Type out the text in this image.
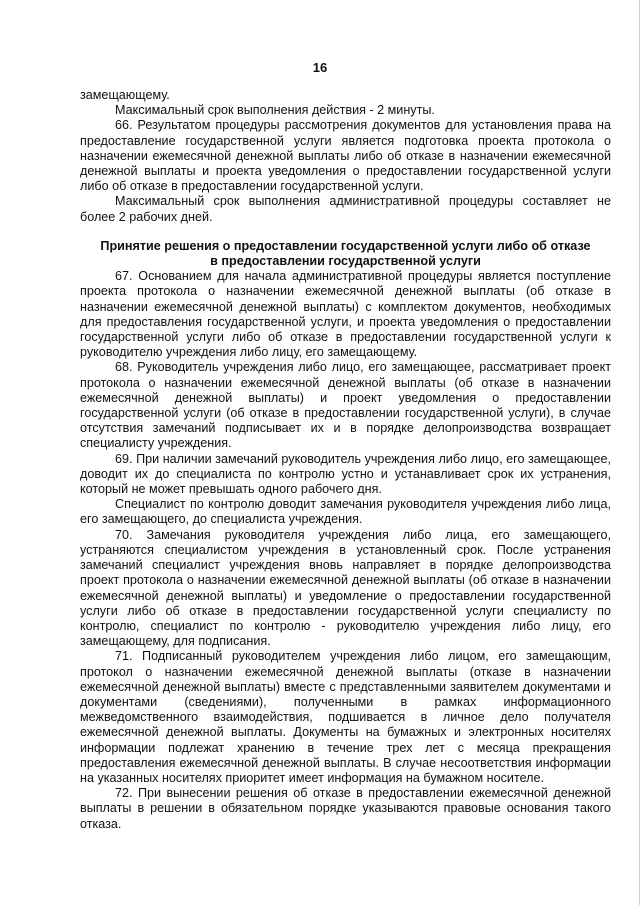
16

замещающему.

Максимальный срок выполнения действия - 2 минуты.

66. Результатом процедуры рассмотрения документов для установления права на предоставление государственной услуги является подготовка проекта протокола о назначении ежемесячной денежной выплаты либо об отказе в назначении ежемесячной денежной выплаты и проекта уведомления о предоставлении государственной услуги либо об отказе в предоставлении государственной услуги.

Максимальный срок выполнения административной процедуры составляет не более 2 рабочих дней.

Принятие решения о предоставлении государственной услуги либо об отказе
в предоставлении государственной услуги

67. Основанием для начала административной процедуры является поступление проекта протокола о назначении ежемесячной денежной выплаты (об отказе в назначении ежемесячной денежной выплаты) с комплектом документов, необходимых для предоставления государственной услуги, и проекта уведомления о предоставлении государственной услуги либо об отказе в предоставлении государственной услуги к руководителю учреждения либо лицу, его замещающему.

68. Руководитель учреждения либо лицо, его замещающее, рассматривает проект протокола о назначении ежемесячной денежной выплаты (об отказе в назначении ежемесячной денежной выплаты) и проект уведомления о предоставлении государственной услуги (об отказе в предоставлении государственной услуги), в случае отсутствия замечаний подписывает их и в порядке делопроизводства возвращает специалисту учреждения.

69. При наличии замечаний руководитель учреждения либо лицо, его замещающее, доводит их до специалиста по контролю устно и устанавливает срок их устранения, который не может превышать одного рабочего дня.

Специалист по контролю доводит замечания руководителя учреждения либо лица, его замещающего, до специалиста учреждения.

70. Замечания руководителя учреждения либо лица, его замещающего, устраняются специалистом учреждения в установленный срок. После устранения замечаний специалист учреждения вновь направляет в порядке делопроизводства проект протокола о назначении ежемесячной денежной выплаты (об отказе в назначении ежемесячной денежной выплаты) и уведомление о предоставлении государственной услуги либо об отказе в предоставлении государственной услуги специалисту по контролю, специалист по контролю - руководителю учреждения либо лицу, его замещающему, для подписания.

71. Подписанный руководителем учреждения либо лицом, его замещающим, протокол о назначении ежемесячной денежной выплаты (отказе в назначении ежемесячной денежной выплаты) вместе с представленными заявителем документами и документами (сведениями), полученными в рамках информационного межведомственного взаимодействия, подшивается в личное дело получателя ежемесячной денежной выплаты. Документы на бумажных и электронных носителях информации подлежат хранению в течение трех лет с месяца прекращения предоставления ежемесячной денежной выплаты. В случае несоответствия информации на указанных носителях приоритет имеет информация на бумажном носителе.

72. При вынесении решения об отказе в предоставлении ежемесячной денежной выплаты в решении в обязательном порядке указываются правовые основания такого отказа.
